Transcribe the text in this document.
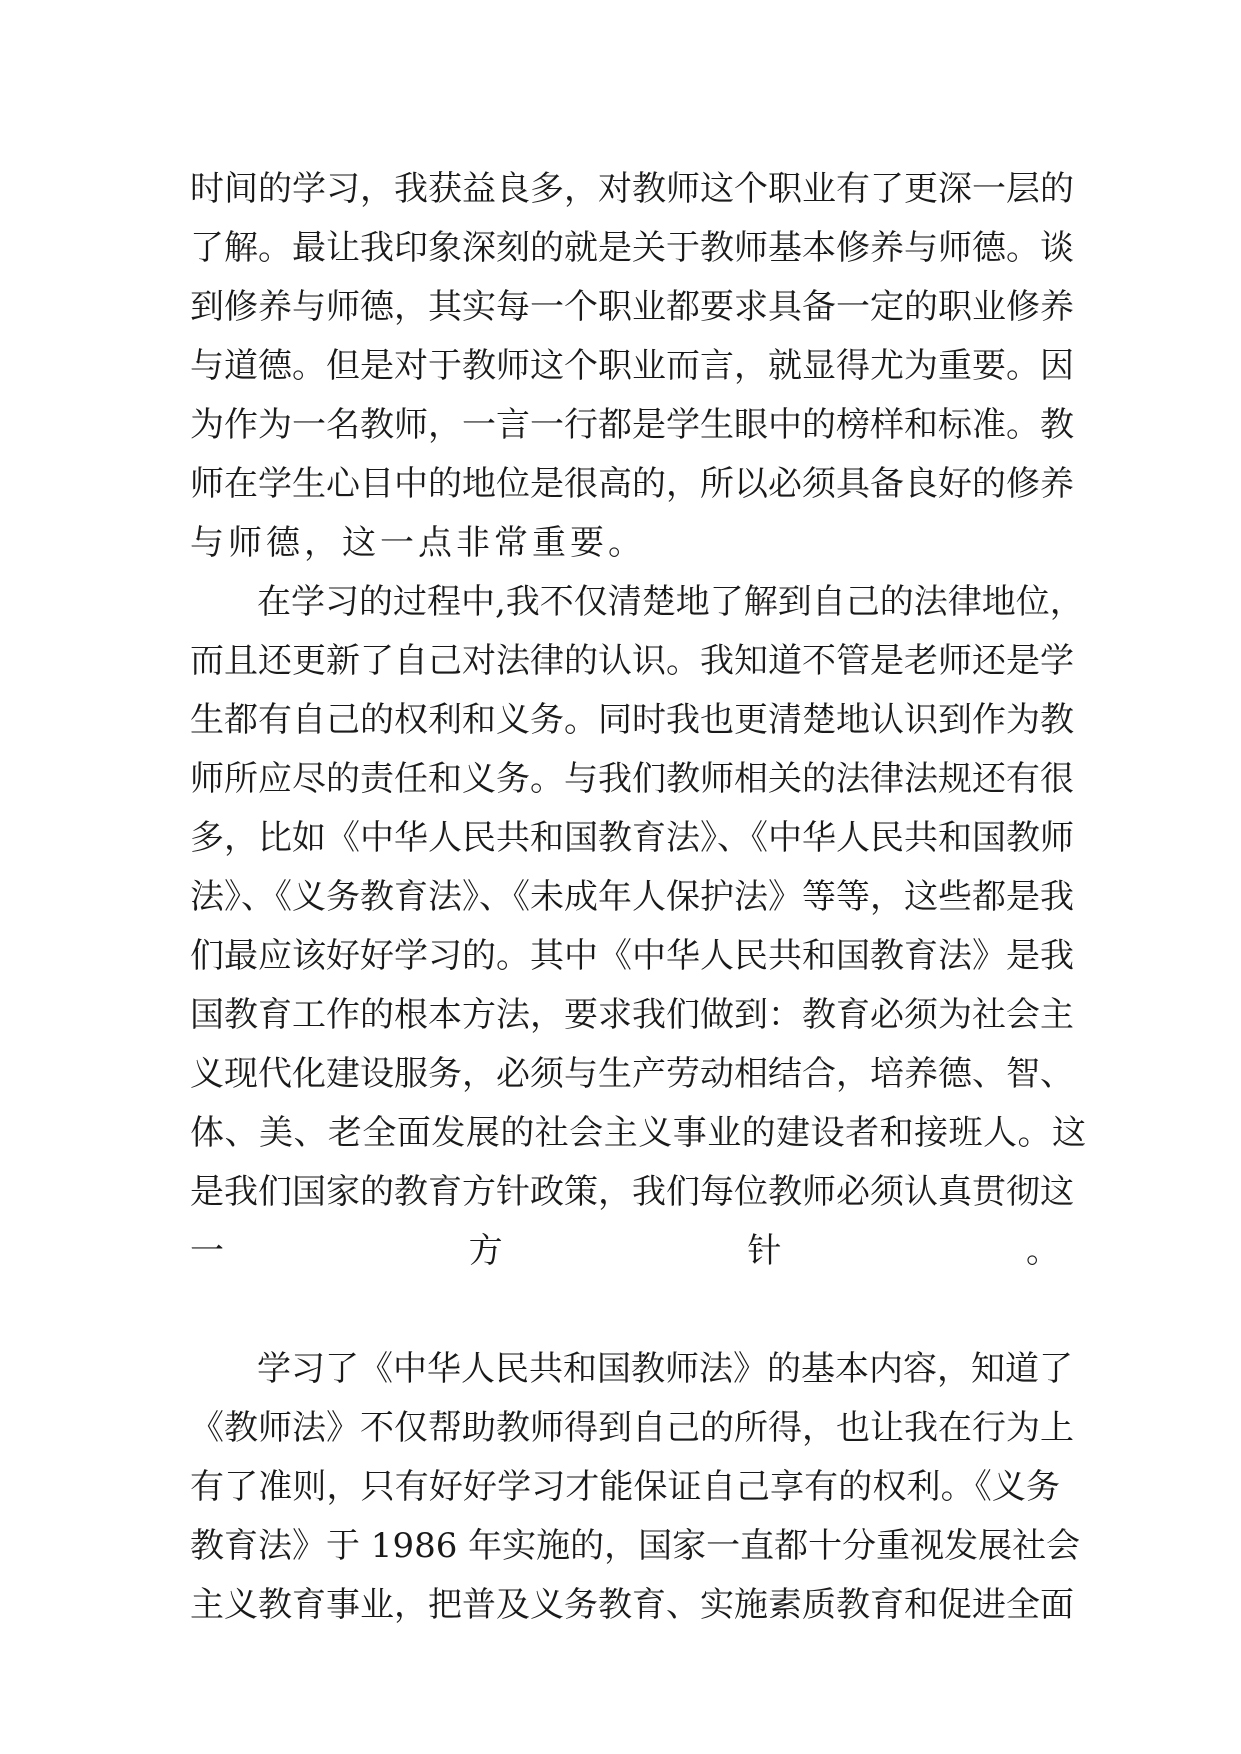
时间的学习，我获益良多，对教师这个职业有了更深一层的
了解。最让我印象深刻的就是关于教师基本修养与师德。谈
到修养与师德，其实每一个职业都要求具备一定的职业修养
与道德。但是对于教师这个职业而言，就显得尤为重要。因
为作为一名教师，一言一行都是学生眼中的榜样和标准。教
师在学生心目中的地位是很高的，所以必须具备良好的修养
与师德，这一点非常重要。
在学习的过程中,我不仅清楚地了解到自己的法律地位，
而且还更新了自己对法律的认识。我知道不管是老师还是学
生都有自己的权利和义务。同时我也更清楚地认识到作为教
师所应尽的责任和义务。与我们教师相关的法律法规还有很
多，比如《中华人民共和国教育法》、《中华人民共和国教师
法》、《义务教育法》、《未成年人保护法》等等，这些都是我
们最应该好好学习的。其中《中华人民共和国教育法》是我
国教育工作的根本方法，要求我们做到：教育必须为社会主
义现代化建设服务，必须与生产劳动相结合，培养德、智、
体、美、老全面发展的社会主义事业的建设者和接班人。这
是我们国家的教育方针政策，我们每位教师必须认真贯彻这
一方针。
学习了《中华人民共和国教师法》的基本内容，知道了
《教师法》不仅帮助教师得到自己的所得，也让我在行为上
有了准则，只有好好学习才能保证自己享有的权利。《义务
教育法》于 1986 年实施的，国家一直都十分重视发展社会
主义教育事业，把普及义务教育、实施素质教育和促进全面
